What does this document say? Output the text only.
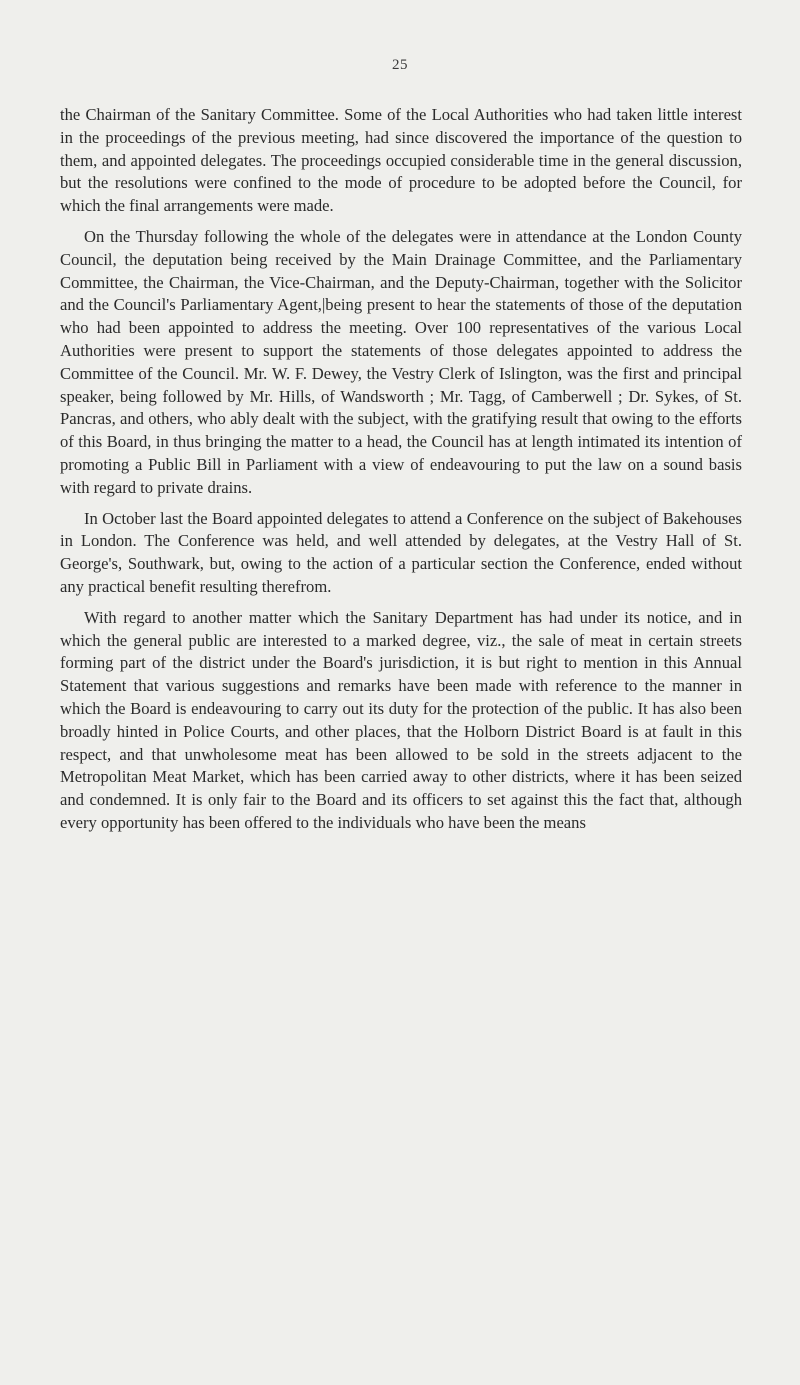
25

the Chairman of the Sanitary Committee. Some of the Local Authorities who had taken little interest in the proceedings of the previous meeting, had since discovered the importance of the question to them, and appointed delegates. The proceedings occupied considerable time in the general discussion, but the resolutions were confined to the mode of procedure to be adopted before the Council, for which the final arrangements were made.

On the Thursday following the whole of the delegates were in attendance at the London County Council, the deputation being received by the Main Drainage Committee, and the Parliamentary Committee, the Chairman, the Vice-Chairman, and the Deputy-Chairman, together with the Solicitor and the Council's Parliamentary Agent,|being present to hear the statements of those of the deputation who had been appointed to address the meeting. Over 100 representatives of the various Local Authorities were present to support the statements of those delegates appointed to address the Committee of the Council. Mr. W. F. Dewey, the Vestry Clerk of Islington, was the first and principal speaker, being followed by Mr. Hills, of Wandsworth ; Mr. Tagg, of Camberwell ; Dr. Sykes, of St. Pancras, and others, who ably dealt with the subject, with the gratifying result that owing to the efforts of this Board, in thus bringing the matter to a head, the Council has at length intimated its intention of promoting a Public Bill in Parliament with a view of endeavouring to put the law on a sound basis with regard to private drains.

In October last the Board appointed delegates to attend a Conference on the subject of Bakehouses in London. The Conference was held, and well attended by delegates, at the Vestry Hall of St. George's, Southwark, but, owing to the action of a particular section the Conference, ended without any practical benefit resulting therefrom.

With regard to another matter which the Sanitary Department has had under its notice, and in which the general public are interested to a marked degree, viz., the sale of meat in certain streets forming part of the district under the Board's jurisdiction, it is but right to mention in this Annual Statement that various suggestions and remarks have been made with reference to the manner in which the Board is endeavouring to carry out its duty for the protection of the public. It has also been broadly hinted in Police Courts, and other places, that the Holborn District Board is at fault in this respect, and that unwholesome meat has been allowed to be sold in the streets adjacent to the Metropolitan Meat Market, which has been carried away to other districts, where it has been seized and condemned. It is only fair to the Board and its officers to set against this the fact that, although every opportunity has been offered to the individuals who have been the means
